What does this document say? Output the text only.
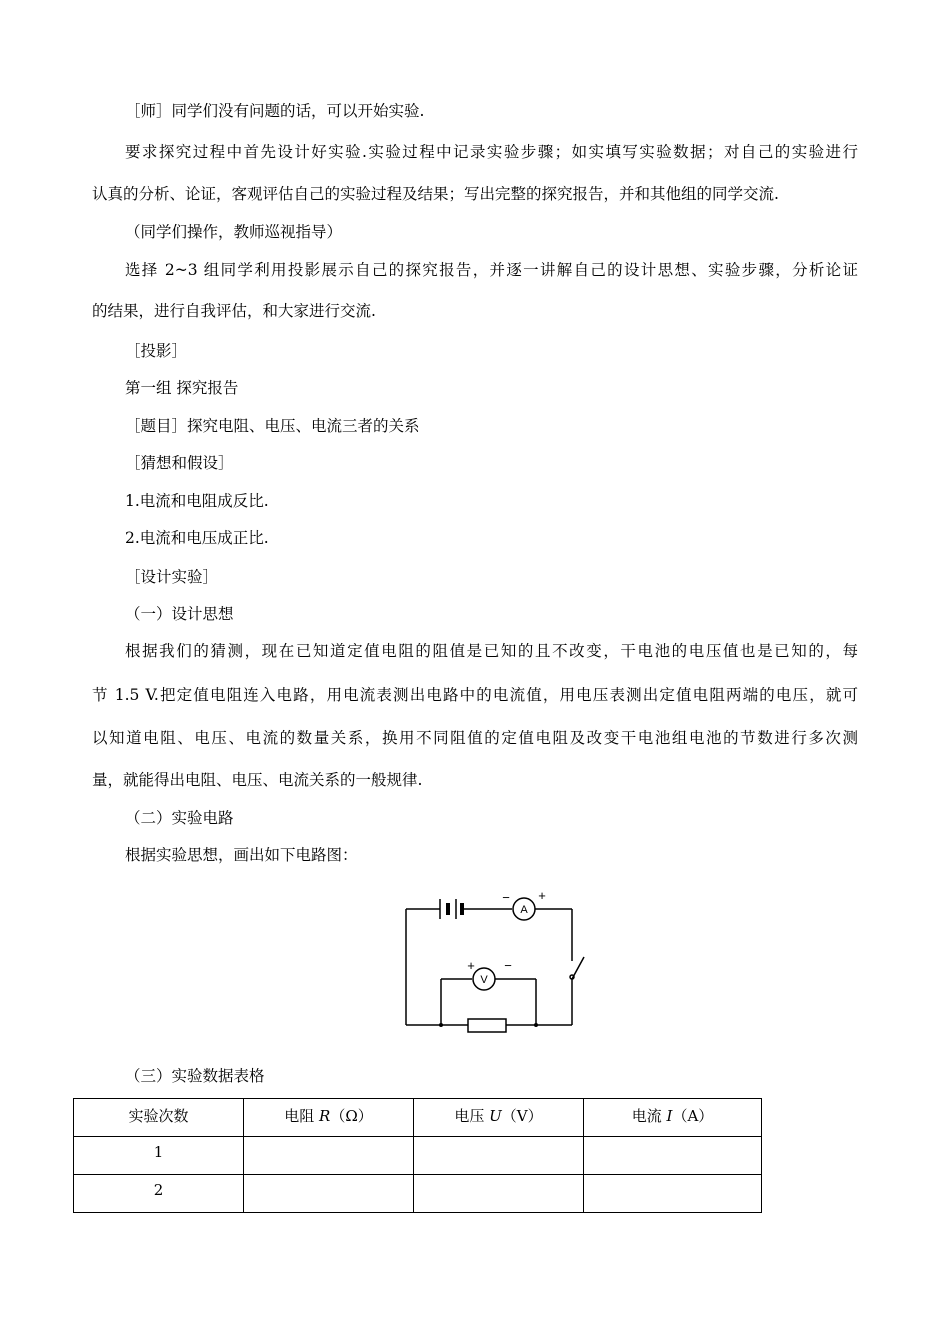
［师］同学们没有问题的话，可以开始实验.
要求探究过程中首先设计好实验.实验过程中记录实验步骤；如实填写实验数据；对自己的实验进行
认真的分析、论证，客观评估自己的实验过程及结果；写出完整的探究报告，并和其他组的同学交流.
（同学们操作，教师巡视指导）
选择 2~3 组同学利用投影展示自己的探究报告，并逐一讲解自己的设计思想、实验步骤，分析论证
的结果，进行自我评估，和大家进行交流.
［投影］
第一组 探究报告
［题目］探究电阻、电压、电流三者的关系
［猜想和假设］
1.电流和电阻成反比.
2.电流和电压成正比.
［设计实验］
（一）设计思想
根据我们的猜测，现在已知道定值电阻的阻值是已知的且不改变，干电池的电压值也是已知的，每
节 1.5 V.把定值电阻连入电路，用电流表测出电路中的电流值，用电压表测出定值电阻两端的电压，就可
以知道电阻、电压、电流的数量关系，换用不同阻值的定值电阻及改变干电池组电池的节数进行多次测
量，就能得出电阻、电压、电流关系的一般规律.
（二）实验电路
根据实验思想，画出如下电路图：
A
V
− +
+ −
（三）实验数据表格
实验次数	电阻 R（Ω）	电压 U（V）	电流 I（A）
1			
2			
